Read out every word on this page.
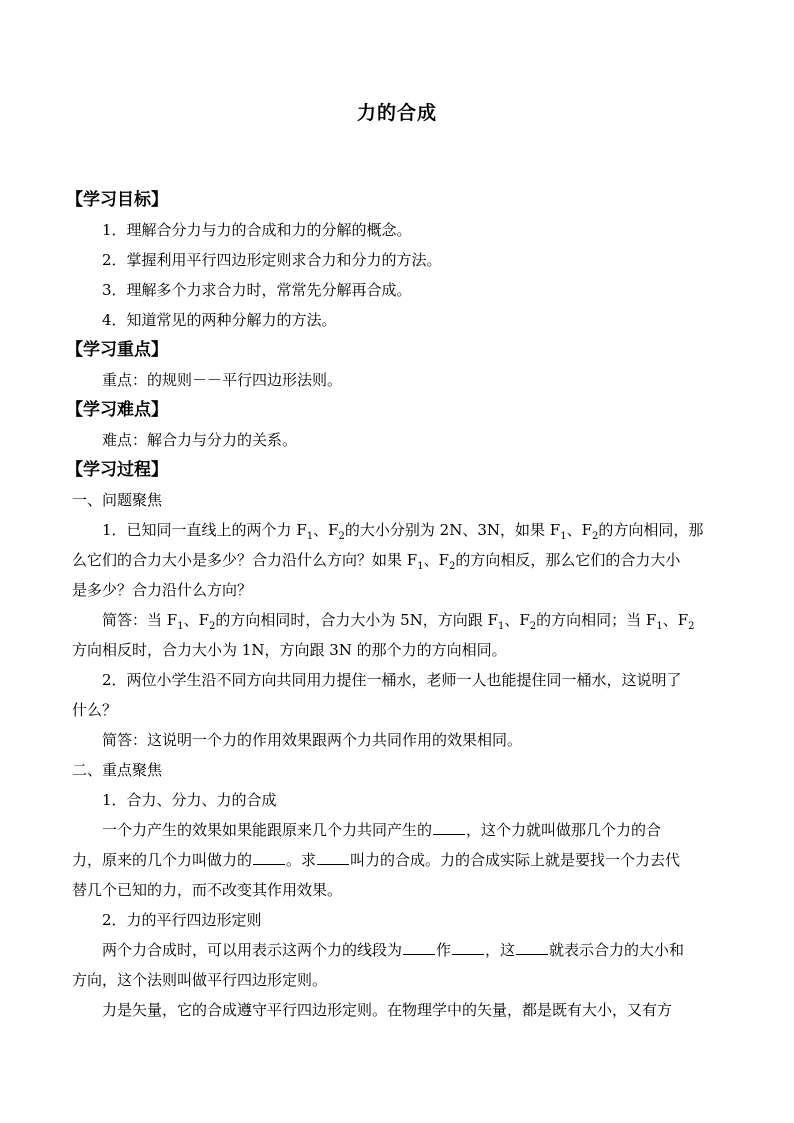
力的合成
【学习目标】
1．理解合分力与力的合成和力的分解的概念。
2．掌握利用平行四边形定则求合力和分力的方法。
3．理解多个力求合力时，常常先分解再合成。
4．知道常见的两种分解力的方法。
【学习重点】
重点：的规则－－平行四边形法则。
【学习难点】
难点：解合力与分力的关系。
【学习过程】
一、问题聚焦
1．已知同一直线上的两个力 $F_1$、$F_2$的大小分别为 2N、3N，如果 $F_1$、$F_2$的方向相同，那
么它们的合力大小是多少？合力沿什么方向？如果 $F_1$、$F_2$的方向相反，那么它们的合力大小
是多少？合力沿什么方向？
简答：当 $F_1$、$F_2$的方向相同时，合力大小为 5N，方向跟 $F_1$、$F_2$的方向相同；当 $F_1$、$F_2$
方向相反时，合力大小为 1N，方向跟 3N 的那个力的方向相同。
2．两位小学生沿不同方向共同用力提住一桶水，老师一人也能提住同一桶水，这说明了
什么？
简答：这说明一个力的作用效果跟两个力共同作用的效果相同。
二、重点聚焦
1．合力、分力、力的合成
一个力产生的效果如果能跟原来几个力共同产生的 ，这个力就叫做那几个力的合
力，原来的几个力叫做力的 。求 叫力的合成。力的合成实际上就是要找一个力去代
替几个已知的力，而不改变其作用效果。
2．力的平行四边形定则
两个力合成时，可以用表示这两个力的线段为 作 ，这 就表示合力的大小和
方向，这个法则叫做平行四边形定则。
力是矢量，它的合成遵守平行四边形定则。在物理学中的矢量，都是既有大小，又有方
